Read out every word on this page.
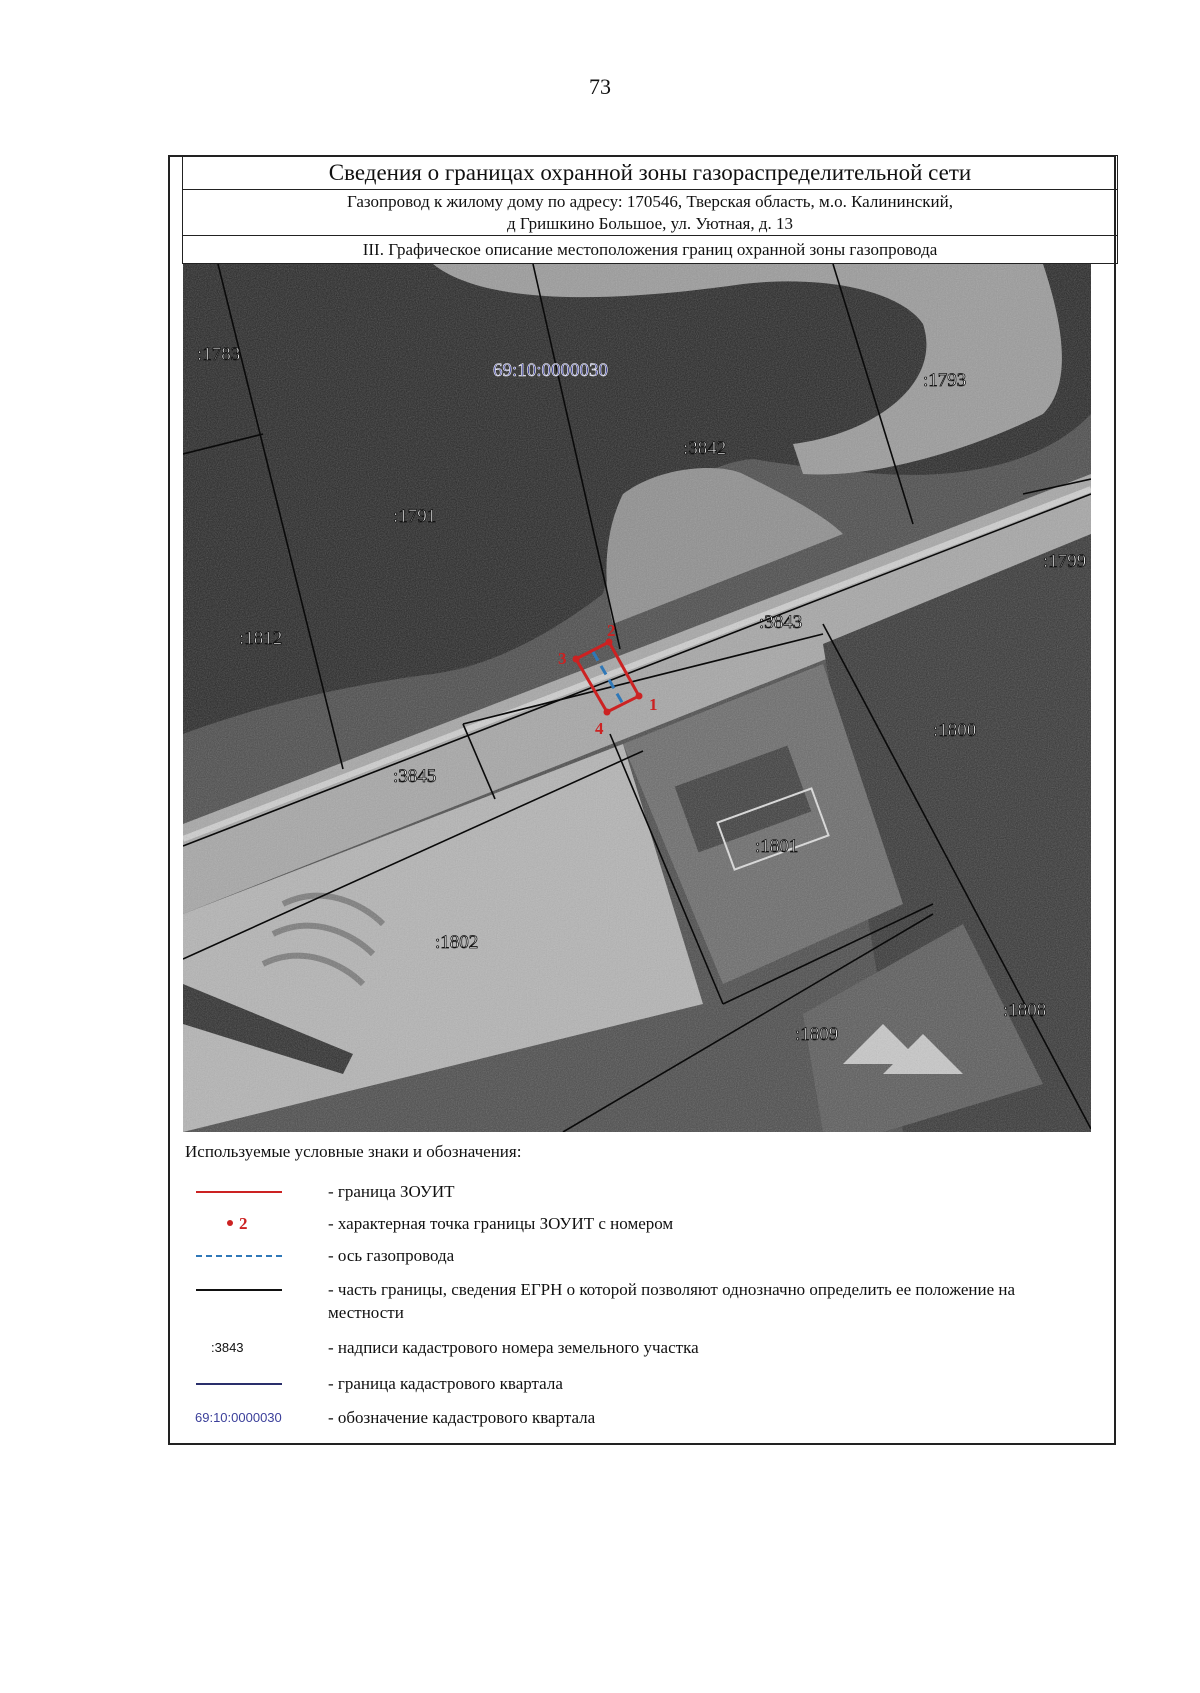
73
Сведения о границах охранной зоны газораспределительной сети
Газопровод к жилому дому по адресу: 170546, Тверская область, м.о. Калининский,
д Гришкино Большое, ул. Уютная, д. 13
III. Графическое описание местоположения границ охранной зоны газопровода
1
2
3
4
69:10:0000030
:1783
:1793
:3842
:1791
:1799
:1812
:3843
:1800
:3845
:1801
:1802
:1808
:1809
Используемые условные знаки и обозначения:
- граница ЗОУИТ
2	- характерная точка границы ЗОУИТ с номером
- ось газопровода
- часть границы, сведения ЕГРН о которой позволяют однозначно определить ее положение на местности
:3843	- надписи кадастрового номера земельного участка
- граница кадастрового квартала
69:10:0000030	- обозначение кадастрового квартала
